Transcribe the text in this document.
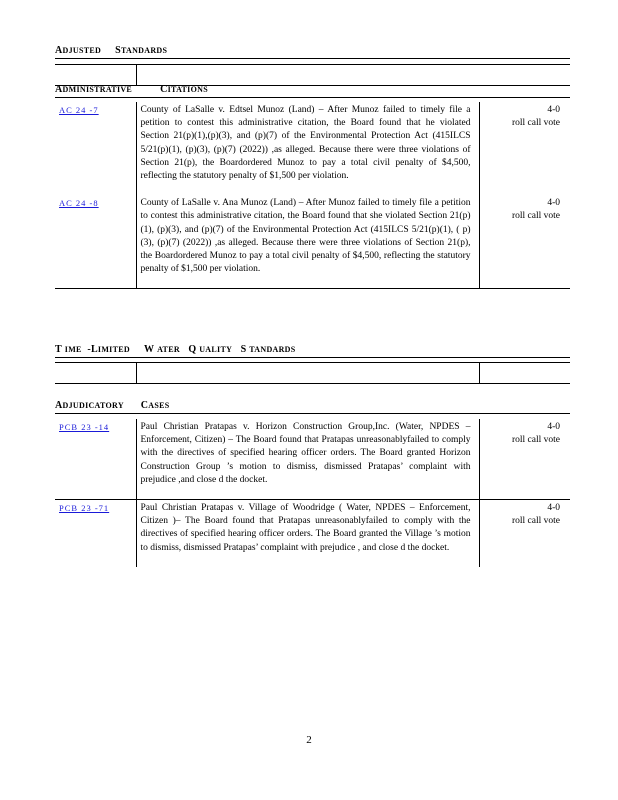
ADJUSTED STANDARDS
ADMINISTRATIVE	CITATIONS
AC 24 -7	County of LaSalle v. Edtsel Munoz (Land) – After Munoz failed to timely file a petition to contest this administrative citation, the Board found that he violated Section 21(p)(1),(p)(3), and (p)(7) of the Environmental Protection Act (415ILCS 5/21(p)(1), (p)(3), (p)(7) (2022)) ,as alleged. Because there were three violations of Section 21(p), the Boardordered Munoz to pay a total civil penalty of $4,500, reflecting the statutory penalty of $1,500 per violation.	4-0
roll call vote

AC 24 -8	County of LaSalle v. Ana Munoz (Land) – After Munoz failed to timely file a petition to contest this administrative citation, the Board found that she violated Section 21(p)(1), (p)(3), and (p)(7) of the Environmental Protection Act (415ILCS 5/21(p)(1), ( p)(3), (p)(7) (2022)) ,as alleged. Because there were three violations of Section 21(p), the Boardordered Munoz to pay a total civil penalty of $4,500, reflecting the statutory penalty of $1,500 per violation.	4-0
roll call vote
T IME -LIMITED W ATER Q UALITY S TANDARDS
ADJUDICATORY CASES
PCB 23 -14	Paul Christian Pratapas v. Horizon Construction Group,Inc. (Water, NPDES –Enforcement, Citizen) – The Board found that Pratapas unreasonablyfailed to comply with the directives of specified hearing officer orders. The Board granted Horizon Construction Group ’s motion to dismiss, dismissed Pratapas’ complaint with prejudice ,and close d the docket.	4-0
roll call vote

PCB 23 -71	Paul Christian Pratapas v. Village of Woodridge ( Water, NPDES – Enforcement, Citizen )– The Board found that Pratapas unreasonablyfailed to comply with the directives of specified hearing officer orders. The Board granted the Village ’s motion to dismiss, dismissed Pratapas’ complaint with prejudice , and close d the docket.	4-0
roll call vote
2
